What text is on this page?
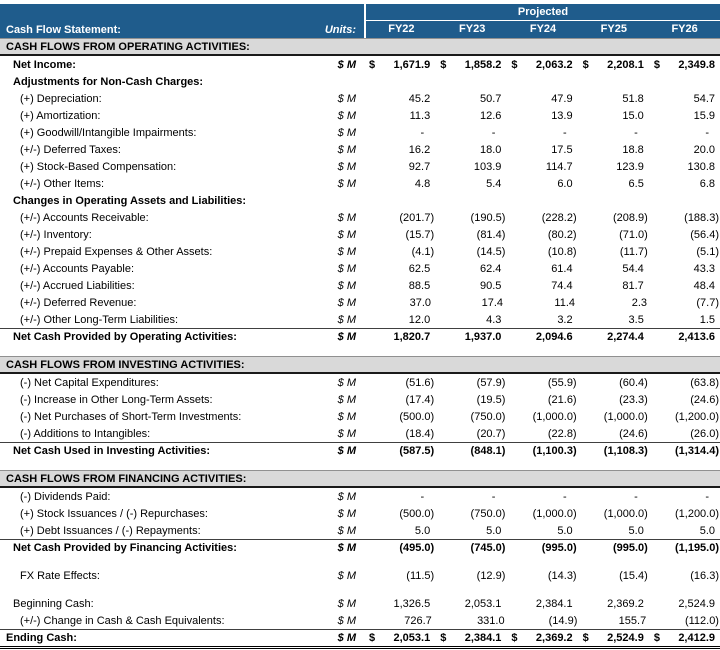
Cash Flow Statement:	Units:
Projected
FY22	FY23	FY24	FY25	FY26
CASH FLOWS FROM OPERATING ACTIVITIES:
Net Income:	$ M	$ 1,671.9 $ 1,858.2 $ 2,063.2 $ 2,208.1 $ 2,349.8
Adjustments for Non-Cash Charges:
(+) Depreciation:	$ M	45.2	50.7	47.9	51.8	54.7
(+) Amortization:	$ M	11.3	12.6	13.9	15.0	15.9
(+) Goodwill/Intangible Impairments:	$ M	-	-	-	-	-
(+/-) Deferred Taxes:	$ M	16.2	18.0	17.5	18.8	20.0
(+) Stock-Based Compensation:	$ M	92.7	103.9	114.7	123.9	130.8
(+/-) Other Items:	$ M	4.8	5.4	6.0	6.5	6.8
Changes in Operating Assets and Liabilities:
(+/-) Accounts Receivable:	$ M	(201.7)	(190.5)	(228.2)	(208.9)	(188.3)
(+/-) Inventory:	$ M	(15.7)	(81.4)	(80.2)	(71.0)	(56.4)
(+/-) Prepaid Expenses & Other Assets:	$ M	(4.1)	(14.5)	(10.8)	(11.7)	(5.1)
(+/-) Accounts Payable:	$ M	62.5	62.4	61.4	54.4	43.3
(+/-) Accrued Liabilities:	$ M	88.5	90.5	74.4	81.7	48.4
(+/-) Deferred Revenue:	$ M	37.0	17.4	11.4	2.3	(7.7)
(+/-) Other Long-Term Liabilities:	$ M	12.0	4.3	3.2	3.5	1.5
Net Cash Provided by Operating Activities:	$ M	1,820.7	1,937.0	2,094.6	2,274.4	2,413.6
CASH FLOWS FROM INVESTING ACTIVITIES:
(-) Net Capital Expenditures:	$ M	(51.6)	(57.9)	(55.9)	(60.4)	(63.8)
(-) Increase in Other Long-Term Assets:	$ M	(17.4)	(19.5)	(21.6)	(23.3)	(24.6)
(-) Net Purchases of Short-Term Investments:	$ M	(500.0)	(750.0)	(1,000.0)	(1,000.0)	(1,200.0)
(-) Additions to Intangibles:	$ M	(18.4)	(20.7)	(22.8)	(24.6)	(26.0)
Net Cash Used in Investing Activities:	$ M	(587.5)	(848.1)	(1,100.3)	(1,108.3)	(1,314.4)
CASH FLOWS FROM FINANCING ACTIVITIES:
(-) Dividends Paid:	$ M	-	-	-	-	-
(+) Stock Issuances / (-) Repurchases:	$ M	(500.0)	(750.0)	(1,000.0)	(1,000.0)	(1,200.0)
(+) Debt Issuances / (-) Repayments:	$ M	5.0	5.0	5.0	5.0	5.0
Net Cash Provided by Financing Activities:	$ M	(495.0)	(745.0)	(995.0)	(995.0)	(1,195.0)
FX Rate Effects:	$ M	(11.5)	(12.9)	(14.3)	(15.4)	(16.3)
Beginning Cash:	$ M	1,326.5	2,053.1	2,384.1	2,369.2	2,524.9
(+/-) Change in Cash & Cash Equivalents:	$ M	726.7	331.0	(14.9)	155.7	(112.0)
Ending Cash:	$ M	$ 2,053.1 $ 2,384.1 $ 2,369.2 $ 2,524.9 $ 2,412.9
